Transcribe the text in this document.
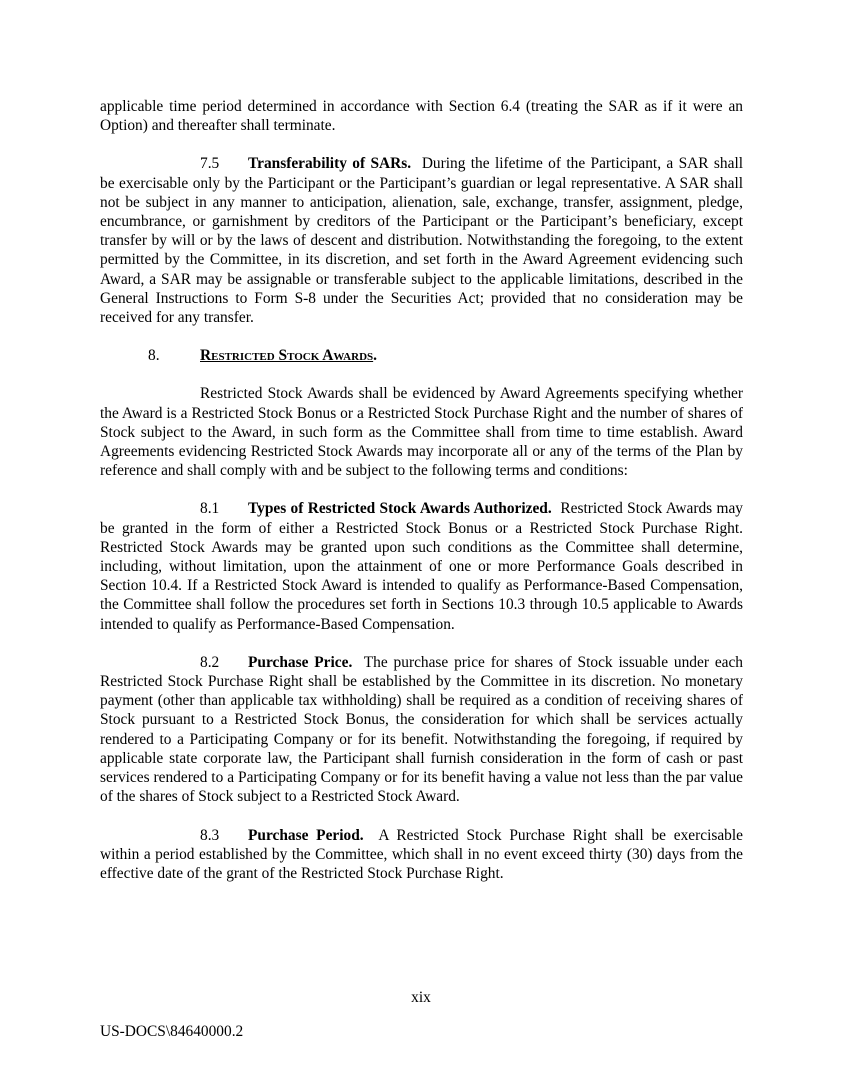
applicable time period determined in accordance with Section 6.4 (treating the SAR as if it were an Option) and thereafter shall terminate.

7.5 Transferability of SARs. During the lifetime of the Participant, a SAR shall be exercisable only by the Participant or the Participant’s guardian or legal representative. A SAR shall not be subject in any manner to anticipation, alienation, sale, exchange, transfer, assignment, pledge, encumbrance, or garnishment by creditors of the Participant or the Participant’s beneficiary, except transfer by will or by the laws of descent and distribution. Notwithstanding the foregoing, to the extent permitted by the Committee, in its discretion, and set forth in the Award Agreement evidencing such Award, a SAR may be assignable or transferable subject to the applicable limitations, described in the General Instructions to Form S-8 under the Securities Act; provided that no consideration may be received for any transfer.

8.	Restricted Stock Awards.

Restricted Stock Awards shall be evidenced by Award Agreements specifying whether the Award is a Restricted Stock Bonus or a Restricted Stock Purchase Right and the number of shares of Stock subject to the Award, in such form as the Committee shall from time to time establish. Award Agreements evidencing Restricted Stock Awards may incorporate all or any of the terms of the Plan by reference and shall comply with and be subject to the following terms and conditions:

8.1 Types of Restricted Stock Awards Authorized. Restricted Stock Awards may be granted in the form of either a Restricted Stock Bonus or a Restricted Stock Purchase Right. Restricted Stock Awards may be granted upon such conditions as the Committee shall determine, including, without limitation, upon the attainment of one or more Performance Goals described in Section 10.4. If a Restricted Stock Award is intended to qualify as Performance-Based Compensation, the Committee shall follow the procedures set forth in Sections 10.3 through 10.5 applicable to Awards intended to qualify as Performance-Based Compensation.

8.2 Purchase Price. The purchase price for shares of Stock issuable under each Restricted Stock Purchase Right shall be established by the Committee in its discretion. No monetary payment (other than applicable tax withholding) shall be required as a condition of receiving shares of Stock pursuant to a Restricted Stock Bonus, the consideration for which shall be services actually rendered to a Participating Company or for its benefit. Notwithstanding the foregoing, if required by applicable state corporate law, the Participant shall furnish consideration in the form of cash or past services rendered to a Participating Company or for its benefit having a value not less than the par value of the shares of Stock subject to a Restricted Stock Award.

8.3 Purchase Period. A Restricted Stock Purchase Right shall be exercisable within a period established by the Committee, which shall in no event exceed thirty (30) days from the effective date of the grant of the Restricted Stock Purchase Right.

xix
US-DOCS\84640000.2
